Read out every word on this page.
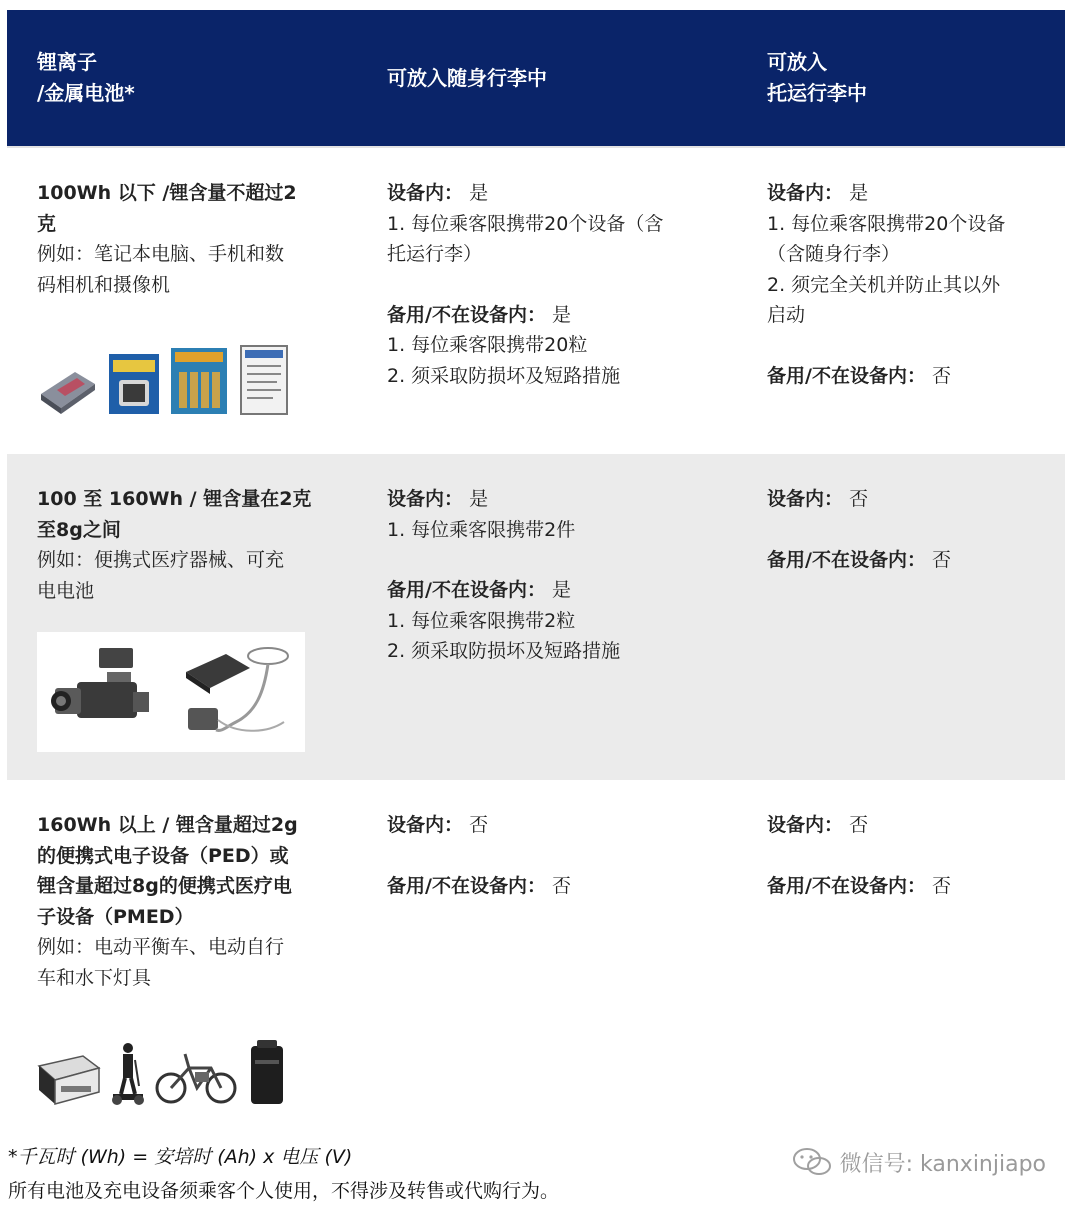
锂离子
/金属电池*
可放入随身行李中
可放入
托运行李中
100Wh 以下 /锂含量不超过2
克
例如：笔记本电脑、手机和数
码相机和摄像机
设备内： 是
1. 每位乘客限携带20个设备（含
托运行李）
备用/不在设备内： 是
1. 每位乘客限携带20粒
2. 须采取防损坏及短路措施
设备内： 是
1. 每位乘客限携带20个设备
（含随身行李）
2. 须完全关机并防止其以外
启动
备用/不在设备内： 否
100 至 160Wh / 锂含量在2克
至8g之间
例如：便携式医疗器械、可充
电电池
设备内： 是
1. 每位乘客限携带2件
备用/不在设备内： 是
1. 每位乘客限携带2粒
2. 须采取防损坏及短路措施
设备内： 否
备用/不在设备内： 否
160Wh 以上 / 锂含量超过2g
的便携式电子设备（PED）或
锂含量超过8g的便携式医疗电
子设备（PMED）
例如：电动平衡车、电动自行
车和水下灯具
设备内： 否
备用/不在设备内： 否
设备内： 否
备用/不在设备内： 否
*千瓦时 (Wh) = 安培时 (Ah) x 电压 (V)
所有电池及充电设备须乘客个人使用，不得涉及转售或代购行为。
微信号: kanxinjiapo
